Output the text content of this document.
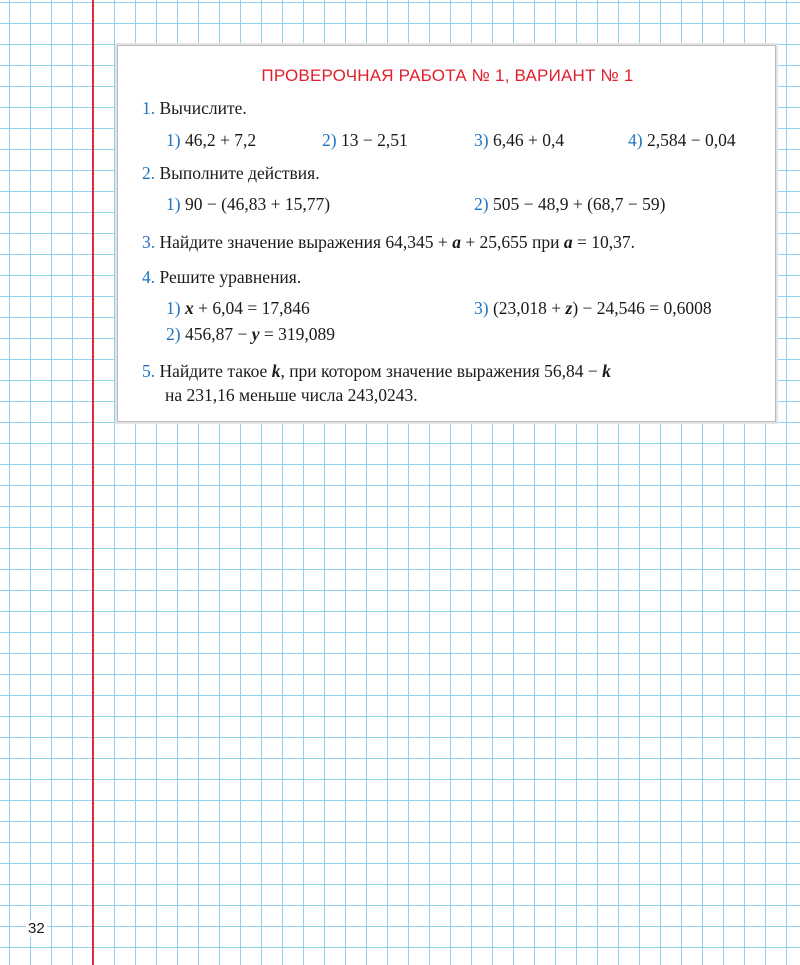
32
ПРОВЕРОЧНАЯ РАБОТА № 1, ВАРИАНТ № 1
1. Вычислите.
1) 46,2 + 7,2	2) 13 − 2,51	3) 6,46 + 0,4	4) 2,584 − 0,04
2. Выполните действия.
1) 90 − (46,83 + 15,77)	2) 505 − 48,9 + (68,7 − 59)
3. Найдите значение выражения 64,345 + a + 25,655 при a = 10,37.
4. Решите уравнения.
1) x + 6,04 = 17,846	3) (23,018 + z) − 24,546 = 0,6008
2) 456,87 − y = 319,089
5. Найдите такое k, при котором значение выражения 56,84 − k
на 231,16 меньше числа 243,0243.
